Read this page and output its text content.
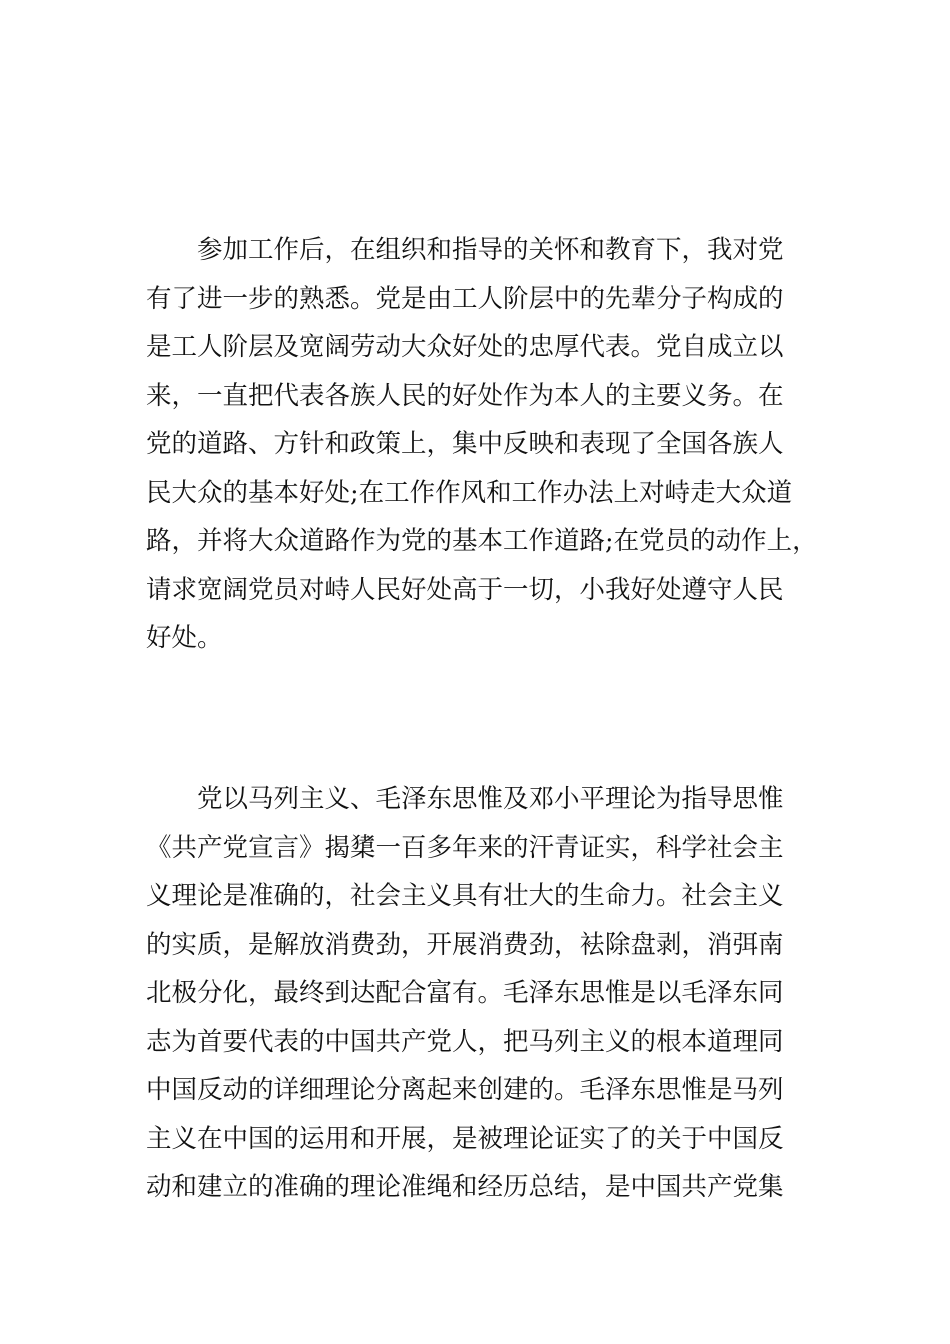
参加工作后，在组织和指导的关怀和教育下，我对党
有了进一步的熟悉。党是由工人阶层中的先辈分子构成的
是工人阶层及宽阔劳动大众好处的忠厚代表。党自成立以
来，一直把代表各族人民的好处作为本人的主要义务。在
党的道路、方针和政策上，集中反映和表现了全国各族人
民大众的基本好处;在工作作风和工作办法上对峙走大众道
路，并将大众道路作为党的基本工作道路;在党员的动作上，
请求宽阔党员对峙人民好处高于一切，小我好处遵守人民
好处。
党以马列主义、毛泽东思惟及邓小平理论为指导思惟
《共产党宣言》揭橥一百多年来的汗青证实，科学社会主
义理论是准确的，社会主义具有壮大的生命力。社会主义
的实质，是解放消费劲，开展消费劲，袪除盘剥，消弭南
北极分化，最终到达配合富有。毛泽东思惟是以毛泽东同
志为首要代表的中国共产党人，把马列主义的根本道理同
中国反动的详细理论分离起来创建的。毛泽东思惟是马列
主义在中国的运用和开展，是被理论证实了的关于中国反
动和建立的准确的理论准绳和经历总结，是中国共产党集
